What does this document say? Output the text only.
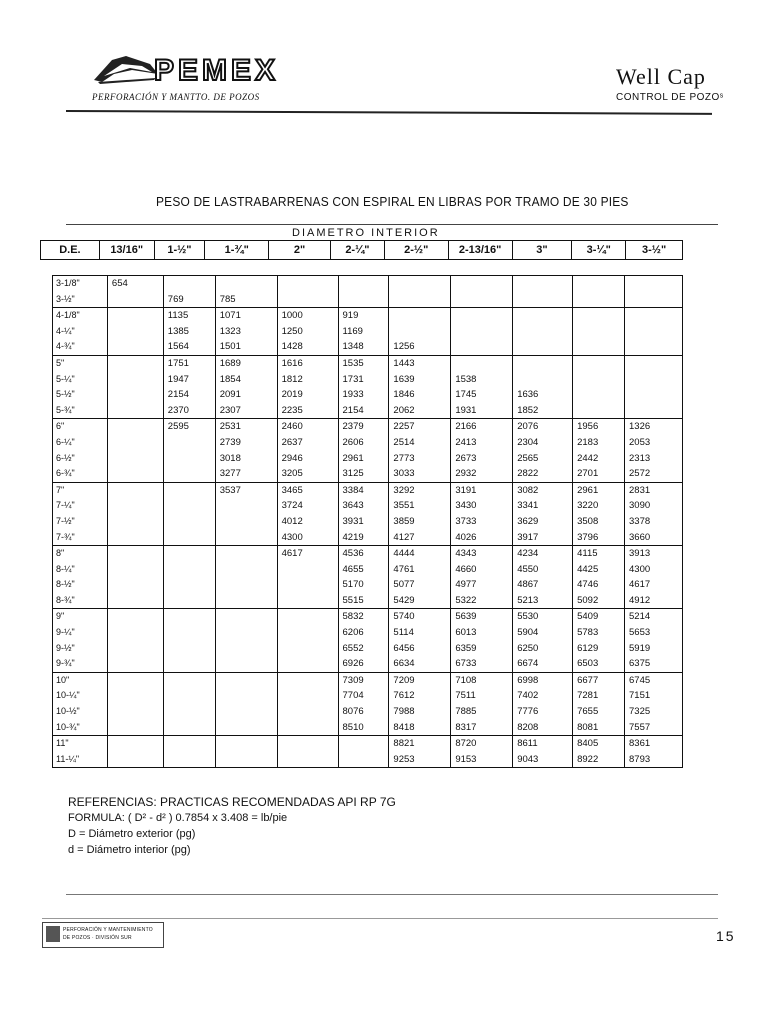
PEMEX
PERFORACIÓN Y MANTTO. DE POZOS
Well Cap
CONTROL DE POZOˢ
PESO DE LASTRABARRENAS CON ESPIRAL EN LIBRAS POR TRAMO DE 30 PIES
DIAMETRO INTERIOR
D.E.	13/16"	1-½"	1-¾"	2"	2-¼"	2-½"	2-13/16"	3"	3-¼"	3-½"
3-1/8"	654									
3-½"		769	785							
4-1/8"		1135	1071	1000	919					
4-¼"		1385	1323	1250	1169					
4-¾"		1564	1501	1428	1348	1256				
5"		1751	1689	1616	1535	1443				
5-¼"		1947	1854	1812	1731	1639	1538			
5-½"		2154	2091	2019	1933	1846	1745	1636		
5-¾"		2370	2307	2235	2154	2062	1931	1852		
6"		2595	2531	2460	2379	2257	2166	2076	1956	1326
6-¼"			2739	2637	2606	2514	2413	2304	2183	2053
6-½"			3018	2946	2961	2773	2673	2565	2442	2313
6-¾"			3277	3205	3125	3033	2932	2822	2701	2572
7"			3537	3465	3384	3292	3191	3082	2961	2831
7-¼"				3724	3643	3551	3430	3341	3220	3090
7-½"				4012	3931	3859	3733	3629	3508	3378
7-¾"				4300	4219	4127	4026	3917	3796	3660
8"				4617	4536	4444	4343	4234	4115	3913
8-¼"					4655	4761	4660	4550	4425	4300
8-½"					5170	5077	4977	4867	4746	4617
8-¾"					5515	5429	5322	5213	5092	4912
9"					5832	5740	5639	5530	5409	5214
9-¼"					6206	5114	6013	5904	5783	5653
9-½"					6552	6456	6359	6250	6129	5919
9-¾"					6926	6634	6733	6674	6503	6375
10"					7309	7209	7108	6998	6677	6745
10-¼"					7704	7612	7511	7402	7281	7151
10-½"					8076	7988	7885	7776	7655	7325
10-¾"					8510	8418	8317	8208	8081	7557
11"						8821	8720	8611	8405	8361
11-¼"						9253	9153	9043	8922	8793
REFERENCIAS: PRACTICAS RECOMENDADAS API RP 7G
FORMULA: ( D² - d² ) 0.7854 x 3.408 = lb/pie
D = Diámetro exterior (pg)
d = Diámetro interior (pg)
PERFORACIÓN Y MANTENIMIENTO
DE POZOS · DIVISIÓN SUR	15
